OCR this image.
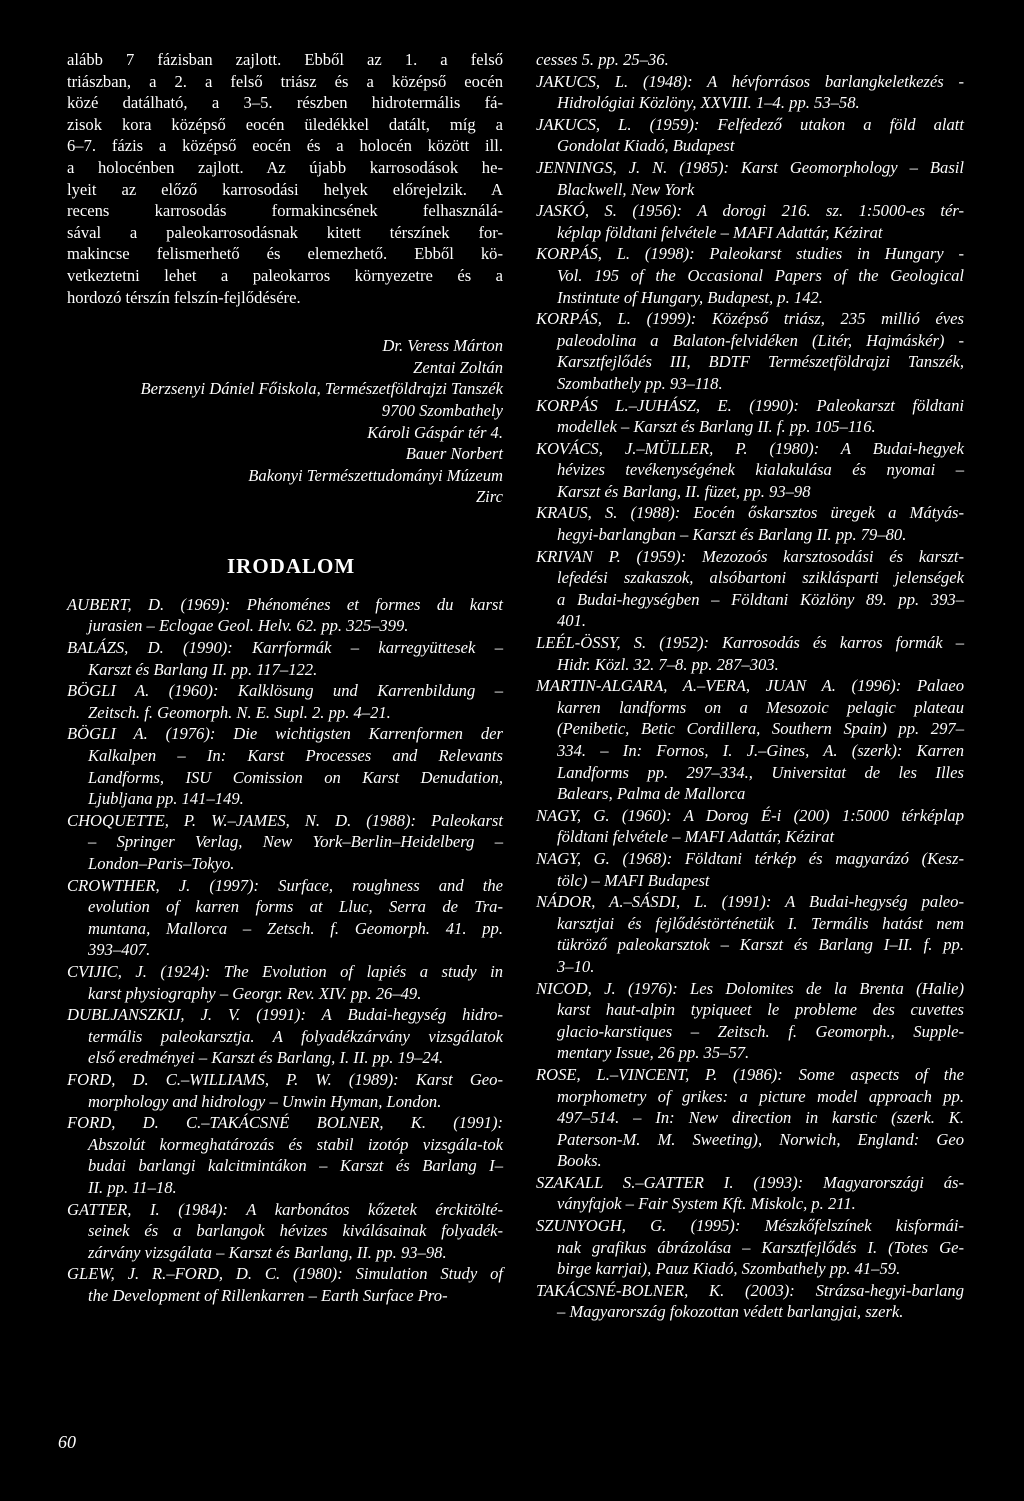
alább 7 fázisban zajlott. Ebből az 1. a felső
triászban, a 2. a felső triász és a középső eocén
közé datálható, a 3–5. részben hidrotermális fá-
zisok kora középső eocén üledékkel datált, míg a
6–7. fázis a középső eocén és a holocén között ill.
a holocénben zajlott. Az újabb karrosodások he-
lyeit az előző karrosodási helyek előrejelzik. A
recens karrosodás formakincsének felhasználá-
sával a paleokarrosodásnak kitett térszínek for-
makincse felismerhető és elemezhető. Ebből kö-
vetkeztetni lehet a paleokarros környezetre és a
hordozó térszín felszín-fejlődésére.
Dr. Veress Márton
Zentai Zoltán
Berzsenyi Dániel Főiskola, Természetföldrajzi Tanszék
9700 Szombathely
Károli Gáspár tér 4.
Bauer Norbert
Bakonyi Természettudományi Múzeum
Zirc
IRODALOM
AUBERT, D. (1969): Phénoménes et formes du karst
jurasien – Eclogae Geol. Helv. 62. pp. 325–399.
BALÁZS, D. (1990): Karrformák – karregyüttesek –
Karszt és Barlang II. pp. 117–122.
BÖGLI A. (1960): Kalklösung und Karrenbildung –
Zeitsch. f. Geomorph. N. E. Supl. 2. pp. 4–21.
BÖGLI A. (1976): Die wichtigsten Karrenformen der
Kalkalpen – In: Karst Processes and Relevants
Landforms, ISU Comission on Karst Denudation,
Ljubljana pp. 141–149.
CHOQUETTE, P. W.–JAMES, N. D. (1988): Paleokarst
– Springer Verlag, New York–Berlin–Heidelberg –
London–Paris–Tokyo.
CROWTHER, J. (1997): Surface, roughness and the
evolution of karren forms at Lluc, Serra de Tra-
muntana, Mallorca – Zetsch. f. Geomorph. 41. pp.
393–407.
CVIJIC, J. (1924): The Evolution of lapiés a study in
karst physiography – Georgr. Rev. XIV. pp. 26–49.
DUBLJANSZKIJ, J. V. (1991): A Budai-hegység hidro-
termális paleokarsztja. A folyadékzárvány vizsgálatok
első eredményei – Karszt és Barlang, I. II. pp. 19–24.
FORD, D. C.–WILLIAMS, P. W. (1989): Karst Geo-
morphology and hidrology – Unwin Hyman, London.
FORD, D. C.–TAKÁCSNÉ BOLNER, K. (1991):
Abszolút kormeghatározás és stabil izotóp vizsgála-tok
budai barlangi kalcitmintákon – Karszt és Barlang I–
II. pp. 11–18.
GATTER, I. (1984): A karbonátos kőzetek érckitölté-
seinek és a barlangok hévizes kiválásainak folyadék-
zárvány vizsgálata – Karszt és Barlang, II. pp. 93–98.
GLEW, J. R.–FORD, D. C. (1980): Simulation Study of
the Development of Rillenkarren – Earth Surface Pro-
cesses 5. pp. 25–36.
JAKUCS, L. (1948): A hévforrásos barlangkeletkezés -
Hidrológiai Közlöny, XXVIII. 1–4. pp. 53–58.
JAKUCS, L. (1959): Felfedező utakon a föld alatt
Gondolat Kiadó, Budapest
JENNINGS, J. N. (1985): Karst Geomorphology – Basil
Blackwell, New York
JASKÓ, S. (1956): A dorogi 216. sz. 1:5000-es tér-
képlap földtani felvétele – MAFI Adattár, Kézirat
KORPÁS, L. (1998): Paleokarst studies in Hungary -
Vol. 195 of the Occasional Papers of the Geological
Instintute of Hungary, Budapest, p. 142.
KORPÁS, L. (1999): Középső triász, 235 millió éves
paleodolina a Balaton-felvidéken (Litér, Hajmáskér) -
Karsztfejlődés III, BDTF Természetföldrajzi Tanszék,
Szombathely pp. 93–118.
KORPÁS L.–JUHÁSZ, E. (1990): Paleokarszt földtani
modellek – Karszt és Barlang II. f. pp. 105–116.
KOVÁCS, J.–MÜLLER, P. (1980): A Budai-hegyek
hévizes tevékenységének kialakulása és nyomai –
Karszt és Barlang, II. füzet, pp. 93–98
KRAUS, S. (1988): Eocén őskarsztos üregek a Mátyás-
hegyi-barlangban – Karszt és Barlang II. pp. 79–80.
KRIVAN P. (1959): Mezozoós karsztosodási és karszt-
lefedési szakaszok, alsóbartoni sziklásparti jelenségek
a Budai-hegységben – Földtani Közlöny 89. pp. 393–
401.
LEÉL-ÖSSY, S. (1952): Karrosodás és karros formák –
Hidr. Közl. 32. 7–8. pp. 287–303.
MARTIN-ALGARA, A.–VERA, JUAN A. (1996): Palaeo
karren landforms on a Mesozoic pelagic plateau
(Penibetic, Betic Cordillera, Southern Spain) pp. 297–
334. – In: Fornos, I. J.–Gines, A. (szerk): Karren
Landforms pp. 297–334., Universitat de les Illes
Balears, Palma de Mallorca
NAGY, G. (1960): A Dorog É-i (200) 1:5000 térképlap
földtani felvétele – MAFI Adattár, Kézirat
NAGY, G. (1968): Földtani térkép és magyarázó (Kesz-
tölc) – MAFI Budapest
NÁDOR, A.–SÁSDI, L. (1991): A Budai-hegység paleo-
karsztjai és fejlődéstörténetük I. Termális hatást nem
tükröző paleokarsztok – Karszt és Barlang I–II. f. pp.
3–10.
NICOD, J. (1976): Les Dolomites de la Brenta (Halie)
karst haut-alpin typiqueet le probleme des cuvettes
glacio-karstiques – Zeitsch. f. Geomorph., Supple-
mentary Issue, 26 pp. 35–57.
ROSE, L.–VINCENT, P. (1986): Some aspects of the
morphometry of grikes: a picture model approach pp.
497–514. – In: New direction in karstic (szerk. K.
Paterson-M. M. Sweeting), Norwich, England: Geo
Books.
SZAKALL S.–GATTER I. (1993): Magyarországi ás-
ványfajok – Fair System Kft. Miskolc, p. 211.
SZUNYOGH, G. (1995): Mészkőfelszínek kisformái-
nak grafikus ábrázolása – Karsztfejlődés I. (Totes Ge-
birge karrjai), Pauz Kiadó, Szombathely pp. 41–59.
TAKÁCSNÉ-BOLNER, K. (2003): Strázsa-hegyi-barlang
– Magyarország fokozottan védett barlangjai, szerk.
60
